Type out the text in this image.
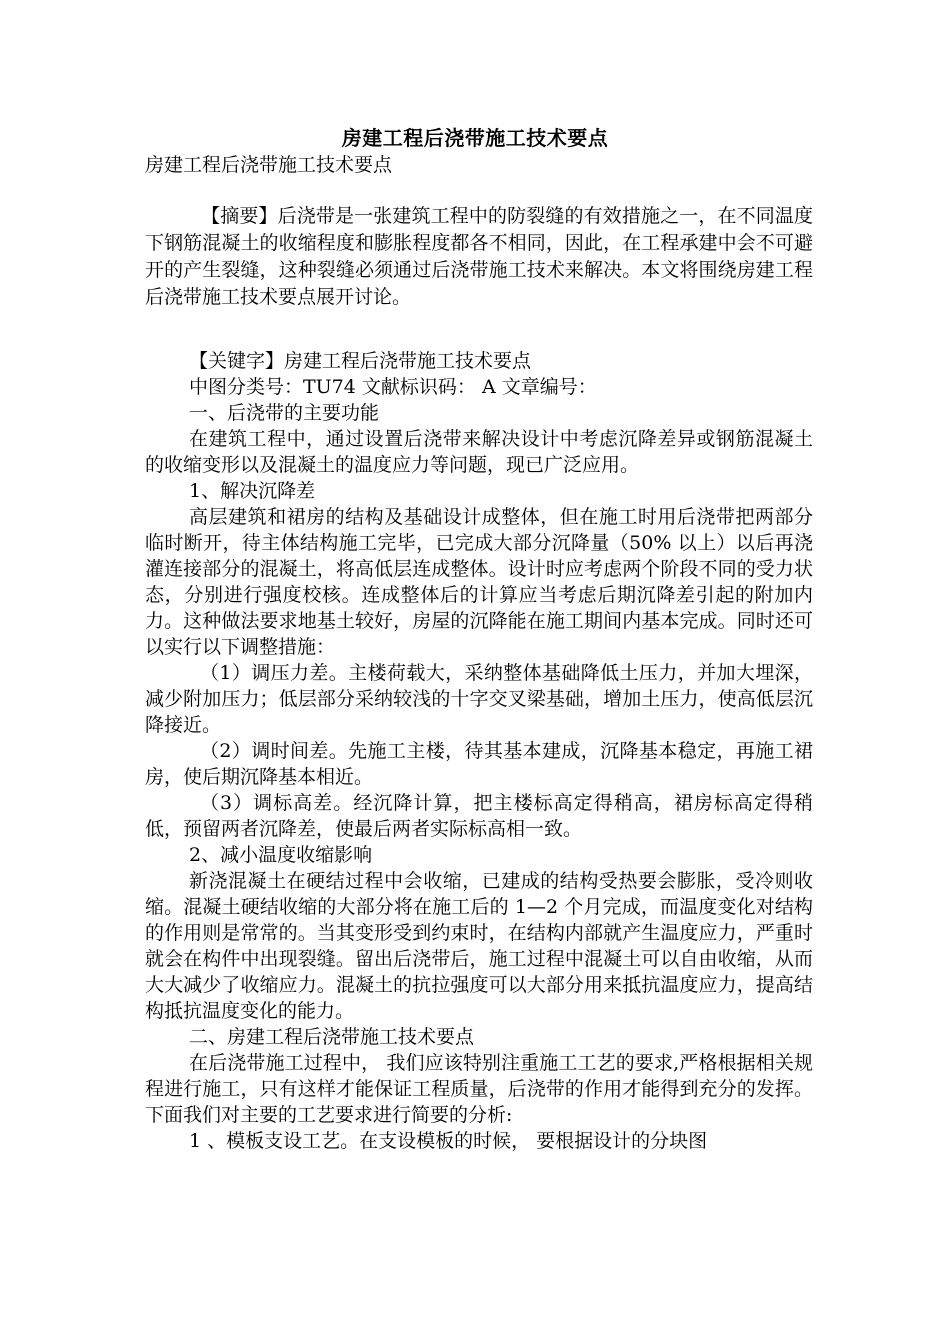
房建工程后浇带施工技术要点
房建工程后浇带施工技术要点
【摘要】后浇带是一张建筑工程中的防裂缝的有效措施之一，在不同温度下钢筋混凝土的收缩程度和膨胀程度都各不相同，因此，在工程承建中会不可避开的产生裂缝，这种裂缝必须通过后浇带施工技术来解决。本文将围绕房建工程后浇带施工技术要点展开讨论。

【关键字】房建工程后浇带施工技术要点

中图分类号：TU74 文献标识码： A 文章编号：

一、后浇带的主要功能

在建筑工程中，通过设置后浇带来解决设计中考虑沉降差异或钢筋混凝土的收缩变形以及混凝土的温度应力等问题，现已广泛应用。

1、解决沉降差

高层建筑和裙房的结构及基础设计成整体，但在施工时用后浇带把两部分临时断开，待主体结构施工完毕，已完成大部分沉降量（50% 以上）以后再浇灌连接部分的混凝土，将高低层连成整体。设计时应考虑两个阶段不同的受力状态，分别进行强度校核。连成整体后的计算应当考虑后期沉降差引起的附加内力。这种做法要求地基土较好，房屋的沉降能在施工期间内基本完成。同时还可以实行以下调整措施：

（1）调压力差。主楼荷载大，采纳整体基础降低土压力，并加大埋深，减少附加压力；低层部分采纳较浅的十字交叉梁基础，增加土压力，使高低层沉降接近。

（2）调时间差。先施工主楼，待其基本建成，沉降基本稳定，再施工裙房，使后期沉降基本相近。

（3）调标高差。经沉降计算，把主楼标高定得稍高，裙房标高定得稍低，预留两者沉降差，使最后两者实际标高相一致。

2、减小温度收缩影响

新浇混凝土在硬结过程中会收缩，已建成的结构受热要会膨胀，受冷则收缩。混凝土硬结收缩的大部分将在施工后的 1—2 个月完成，而温度变化对结构的作用则是常常的。当其变形受到约束时，在结构内部就产生温度应力，严重时就会在构件中出现裂缝。留出后浇带后，施工过程中混凝土可以自由收缩，从而大大减少了收缩应力。混凝土的抗拉强度可以大部分用来抵抗温度应力，提高结构抵抗温度变化的能力。

二、房建工程后浇带施工技术要点

在后浇带施工过程中， 我们应该特别注重施工工艺的要求,严格根据相关规程进行施工，只有这样才能保证工程质量，后浇带的作用才能得到充分的发挥。下面我们对主要的工艺要求进行简要的分析:

1 、模板支设工艺。在支设模板的时候， 要根据设计的分块图
